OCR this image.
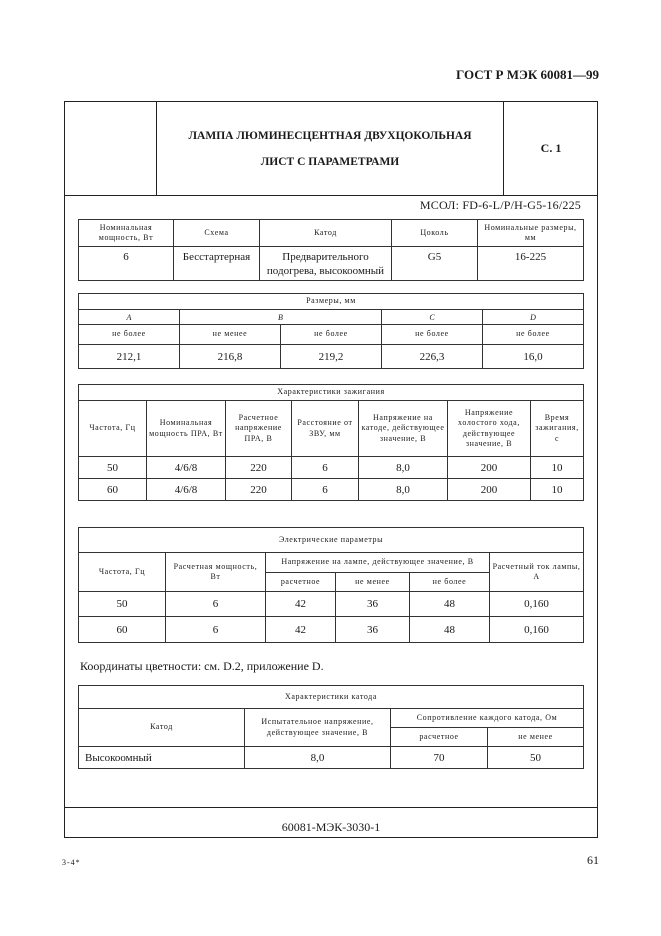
ГОСТ Р МЭК 60081—99
ЛАМПА ЛЮМИНЕСЦЕНТНАЯ ДВУХЦОКОЛЬНАЯ
ЛИСТ С ПАРАМЕТРАМИ
С. 1
МСОЛ: FD-6-L/P/H-G5-16/225
Номинальная мощность, Вт	Схема	Катод	Цоколь	Номинальные размеры, мм
6	Бесстартерная	Предварительного подогрева, высокоомный	G5	16-225
Размеры, мм				
A	B		C	D
не более	не менее	не более	не более	не более
212,1	216,8	219,2	226,3	16,0
Характеристики зажигания						
Частота, Гц	Номинальная мощность ПРА, Вт	Расчетное напряжение ПРА, В	Расстояние от ЗВУ, мм	Напряжение на катоде, действующее значение, В	Напряжение холостого хода, действующее значение, В	Время зажигания, с
50	4/6/8	220	6	8,0	200	10
60	4/6/8	220	6	8,0	200	10
Электрические параметры					
Частота, Гц	Расчетная мощность, Вт	Напряжение на лампе, действующее значение, В			Расчетный ток лампы, А
		расчетное	не менее	не более	
50	6	42	36	48	0,160
60	6	42	36	48	0,160
Координаты цветности: см. D.2, приложение D.
Характеристики катода			
Катод	Испытательное напряжение, действующее значение, В	Сопротивление каждого катода, Ом	
		расчетное	не менее
Высокоомный	8,0	70	50
60081-МЭК-3030-1
3-4*	61
